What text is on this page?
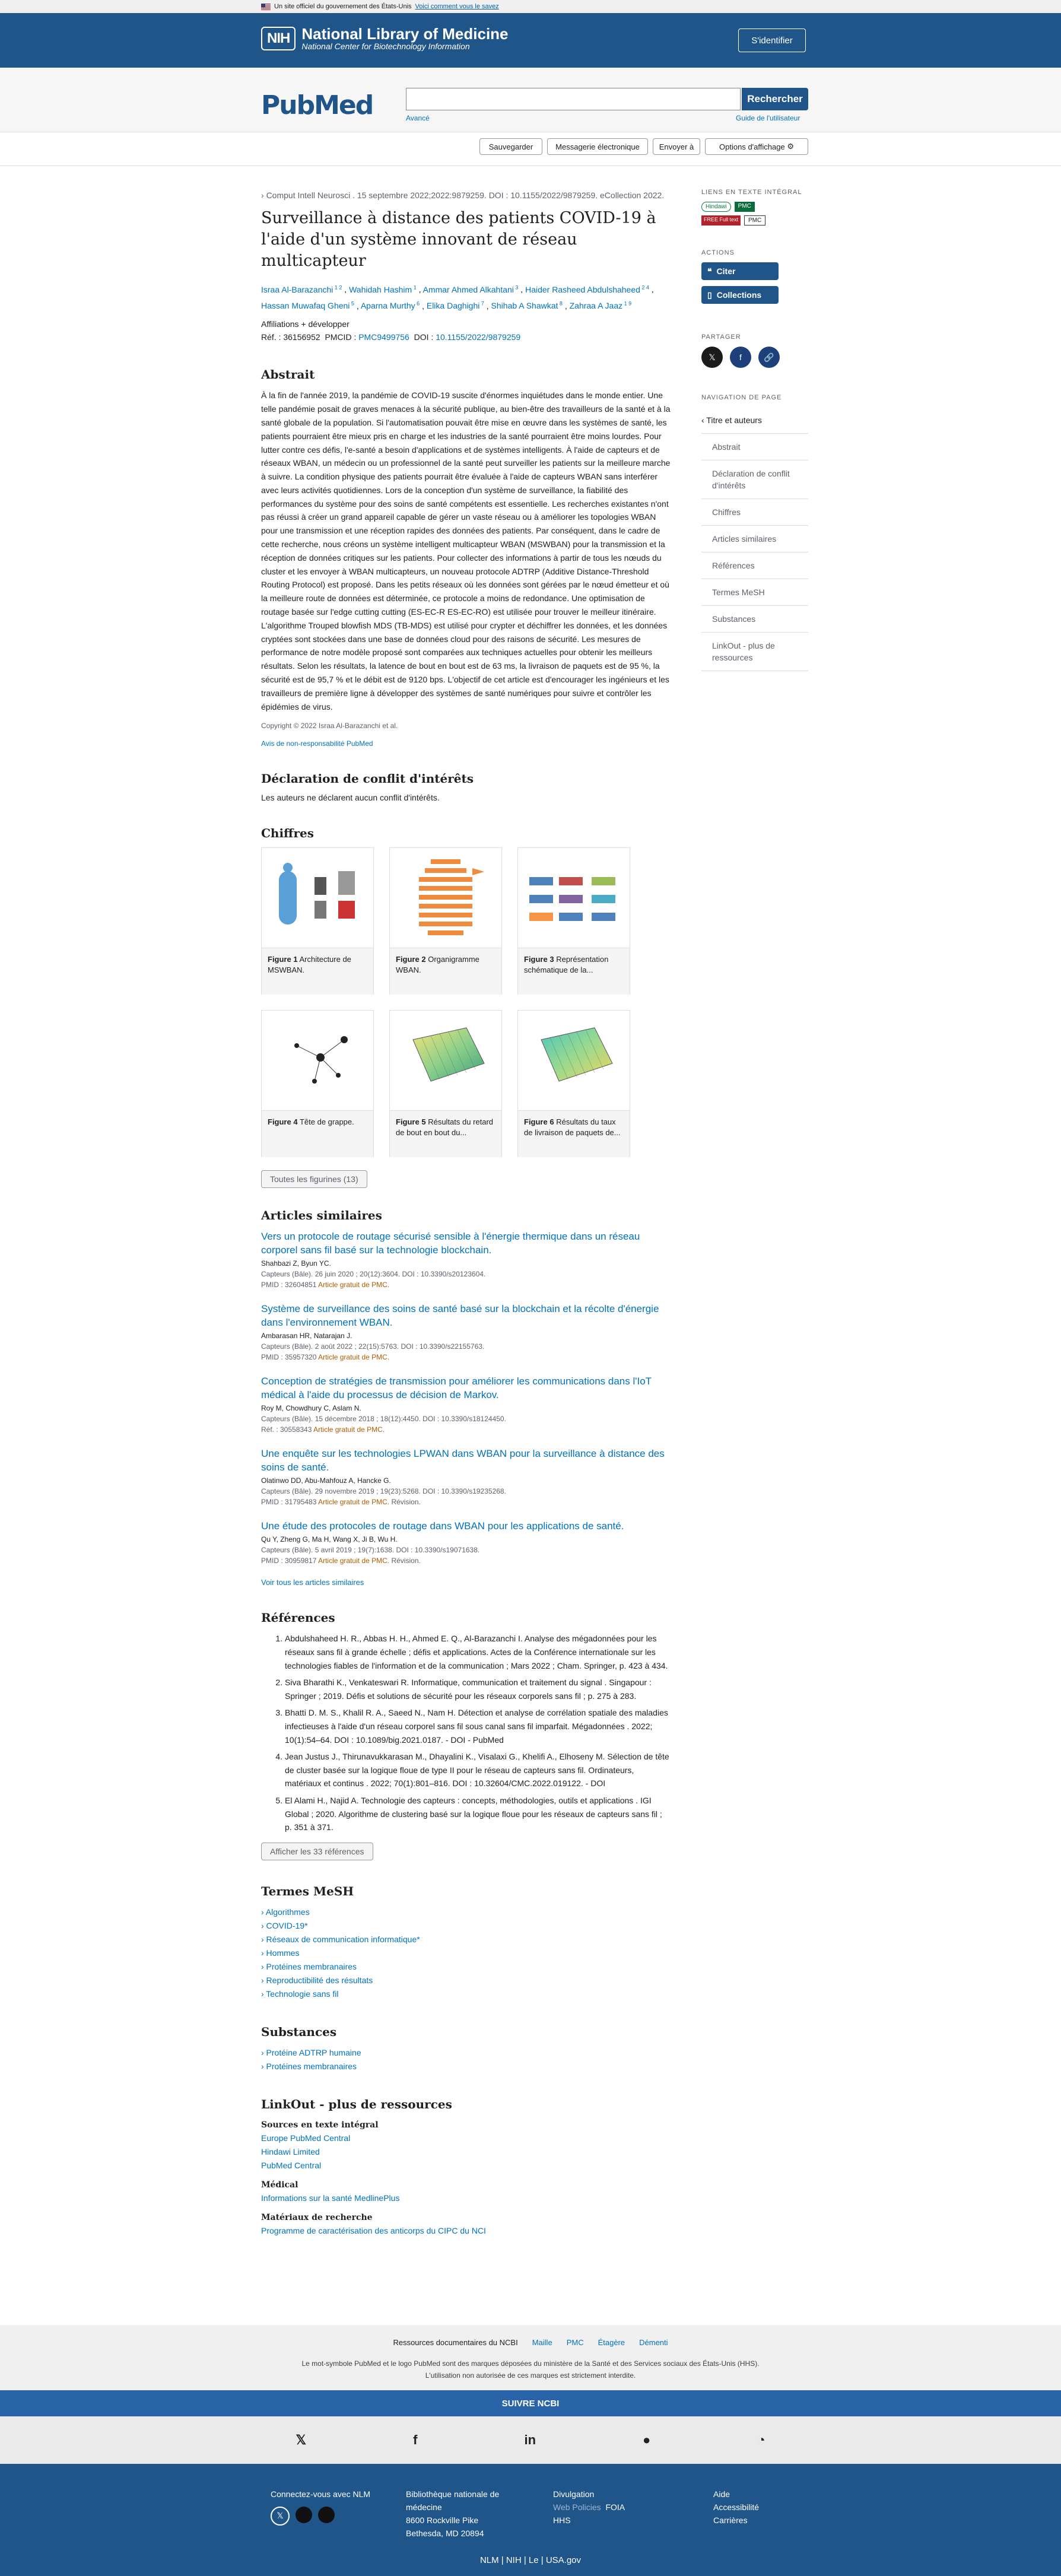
Un site officiel du gouvernement des États-Unis Voici comment vous le savez
NIH National Library of Medicine
National Center for Biotechnology Information
S'identifier
PubMed	Rechercher
Avancé	Guide de l'utilisateur
Sauvegarder	Messagerie électronique	Envoyer à	Options d'affichage
⚙
› Comput Intell Neurosci . 15 septembre 2022;2022:9879259. DOI : 10.1155/2022/9879259. eCollection 2022.
Surveillance à distance des patients COVID-19 à l'aide d'un système innovant de réseau multicapteur
Israa Al-Barazanchi $^{1 2}$ , Wahidah Hashim $^1$ , Ammar Ahmed Alkahtani $^3$ , Haider Rasheed Abdulshaheed $^{2 4}$ , Hassan Muwafaq Gheni $^5$ , Aparna Murthy $^6$ , Elika Daghighi $^7$ , Shihab A Shawkat $^8$ , Zahraa A Jaaz $^{1 9}$
Affiliations + développer
Réf. : 36156952 PMCID : PMC9499756 DOI : 10.1155/2022/9879259
Abstrait

À la fin de l'année 2019, la pandémie de COVID-19 suscite d'énormes inquiétudes dans le monde entier. Une telle pandémie posait de graves menaces à la sécurité publique, au bien-être des travailleurs de la santé et à la santé globale de la population. Si l'automatisation pouvait être mise en œuvre dans les systèmes de santé, les patients pourraient être mieux pris en charge et les industries de la santé pourraient être moins lourdes. Pour lutter contre ces défis, l'e-santé a besoin d'applications et de systèmes intelligents. À l'aide de capteurs et de réseaux WBAN, un médecin ou un professionnel de la santé peut surveiller les patients sur la meilleure marche à suivre. La condition physique des patients pourrait être évaluée à l'aide de capteurs WBAN sans interférer avec leurs activités quotidiennes. Lors de la conception d'un système de surveillance, la fiabilité des performances du système pour des soins de santé compétents est essentielle. Les recherches existantes n'ont pas réussi à créer un grand appareil capable de gérer un vaste réseau ou à améliorer les topologies WBAN pour une transmission et une réception rapides des données des patients. Par conséquent, dans le cadre de cette recherche, nous créons un système intelligent multicapteur WBAN (MSWBAN) pour la transmission et la réception de données critiques sur les patients. Pour collecter des informations à partir de tous les nœuds du cluster et les envoyer à WBAN multicapteurs, un nouveau protocole ADTRP (Additive Distance-Threshold Routing Protocol) est proposé. Dans les petits réseaux où les données sont gérées par le nœud émetteur et où la meilleure route de données est déterminée, ce protocole a moins de redondance. Une optimisation de routage basée sur l'edge cutting cutting (ES-EC-R ES-EC-RO) est utilisée pour trouver le meilleur itinéraire. L'algorithme Trouped blowfish MDS (TB-MDS) est utilisé pour crypter et déchiffrer les données, et les données cryptées sont stockées dans une base de données cloud pour des raisons de sécurité. Les mesures de performance de notre modèle proposé sont comparées aux techniques actuelles pour obtenir les meilleurs résultats. Selon les résultats, la latence de bout en bout est de 63 ms, la livraison de paquets est de 95 %, la sécurité est de 95,7 % et le débit est de 9120 bps. L'objectif de cet article est d'encourager les ingénieurs et les travailleurs de première ligne à développer des systèmes de santé numériques pour suivre et contrôler les épidémies de virus.

Copyright © 2022 Israa Al-Barazanchi et al.
Avis de non-responsabilité PubMed
Déclaration de conflit d'intérêts
Les auteurs ne déclarent aucun conflit d'intérêts.
Chiffres
Figure 1 Architecture de MSWBAN.
Figure 2 Organigramme WBAN.
Figure 3 Représentation schématique de la...
Figure 4 Tête de grappe.	Figure 5 Résultats du retard de bout en bout du...
Figure 6 Résultats du taux de livraison de paquets de...
Toutes les figurines (13)
Articles similaires
Vers un protocole de routage sécurisé sensible à l'énergie thermique dans un réseau corporel sans fil basé sur la technologie blockchain.
Shahbazi Z, Byun YC.
Capteurs (Bâle). 26 juin 2020 ; 20(12):3604. DOI : 10.3390/s20123604.
PMID : 32604851 Article gratuit de PMC.
Système de surveillance des soins de santé basé sur la blockchain et la récolte d'énergie dans l'environnement WBAN.
Ambarasan HR, Natarajan J.
Capteurs (Bâle). 2 août 2022 ; 22(15):5763. DOI : 10.3390/s22155763.
PMID : 35957320 Article gratuit de PMC.
Conception de stratégies de transmission pour améliorer les communications dans l'IoT médical à l'aide du processus de décision de Markov.
Roy M, Chowdhury C, Aslam N.
Capteurs (Bâle). 15 décembre 2018 ; 18(12):4450. DOI : 10.3390/s18124450.
Réf. : 30558343 Article gratuit de PMC.
Une enquête sur les technologies LPWAN dans WBAN pour la surveillance à distance des soins de santé.
Olatinwo DD, Abu-Mahfouz A, Hancke G.
Capteurs (Bâle). 29 novembre 2019 ; 19(23):5268. DOI : 10.3390/s19235268.
PMID : 31795483 Article gratuit de PMC. Révision.
Une étude des protocoles de routage dans WBAN pour les applications de santé.
Qu Y, Zheng G, Ma H, Wang X, Ji B, Wu H.
Capteurs (Bâle). 5 avril 2019 ; 19(7):1638. DOI : 10.3390/s19071638.
PMID : 30959817 Article gratuit de PMC. Révision.
Voir tous les articles similaires
Références
1. Abdulshaheed H. R., Abbas H. H., Ahmed E. Q., Al-Barazanchi I. Analyse des mégadonnées pour les réseaux sans fil à grande échelle ; défis et applications. Actes de la Conférence internationale sur les technologies fiables de l'information et de la communication ; Mars 2022 ; Cham. Springer, p. 423 à 434.
2. Siva Bharathi K., Venkateswari R. Informatique, communication et traitement du signal . Singapour : Springer ; 2019. Défis et solutions de sécurité pour les réseaux corporels sans fil ; p. 275 à 283.
3. Bhatti D. M. S., Khalil R. A., Saeed N., Nam H. Détection et analyse de corrélation spatiale des maladies infectieuses à l'aide d'un réseau corporel sans fil sous canal sans fil imparfait. Mégadonnées . 2022; 10(1):54–64. DOI : 10.1089/big.2021.0187. - DOI - PubMed
4. Jean Justus J., Thirunavukkarasan M., Dhayalini K., Visalaxi G., Khelifi A., Elhoseny M. Sélection de tête de cluster basée sur la logique floue de type II pour le réseau de capteurs sans fil. Ordinateurs, matériaux et continus . 2022; 70(1):801–816. DOI : 10.32604/CMC.2022.019122. - DOI
5. El Alami H., Najid A. Technologie des capteurs : concepts, méthodologies, outils et applications . IGI Global ; 2020. Algorithme de clustering basé sur la logique floue pour les réseaux de capteurs sans fil ; p. 351 à 371.
Afficher les 33 références
Termes MeSH
› Algorithmes
› COVID-19*
› Réseaux de communication informatique*
› Hommes
› Protéines membranaires
› Reproductibilité des résultats
› Technologie sans fil
Substances
› Protéine ADTRP humaine
› Protéines membranaires
LinkOut - plus de ressources
Sources en texte intégral
Europe PubMed Central
Hindawi Limited
PubMed Central
Médical
Informations sur la santé MedlinePlus
Matériaux de recherche
Programme de caractérisation des anticorps du CIPC du NCI
LIENS EN TEXTE INTÉGRAL
Hindawi	PMC
FREE Full text	PMC
ACTIONS
❝ Citer
▯ Collections
PARTAGER
𝕏	f	🔗
NAVIGATION DE PAGE
‹ Titre et auteurs
Abstrait
Déclaration de conflit d'intérêts
Chiffres
Articles similaires
Références
Termes MeSH
Substances
LinkOut - plus de ressources
Ressources documentaires du NCBI Maille PMC Étagère Démenti
Le mot-symbole PubMed et le logo PubMed sont des marques déposées du ministère de la Santé et des Services sociaux des États-Unis (HHS).
L'utilisation non autorisée de ces marques est strictement interdite.
SUIVRE NCBI
𝕏	f	in	●	◔
Connectez-vous avec NLM
𝕏
Bibliothèque nationale de
médecine
8600 Rockville Pike
Bethesda, MD 20894
Divulgation
Web Policies FOIA
HHS
Aide
Accessibilité
Carrières
NLM | NIH | Le | USA.gov
